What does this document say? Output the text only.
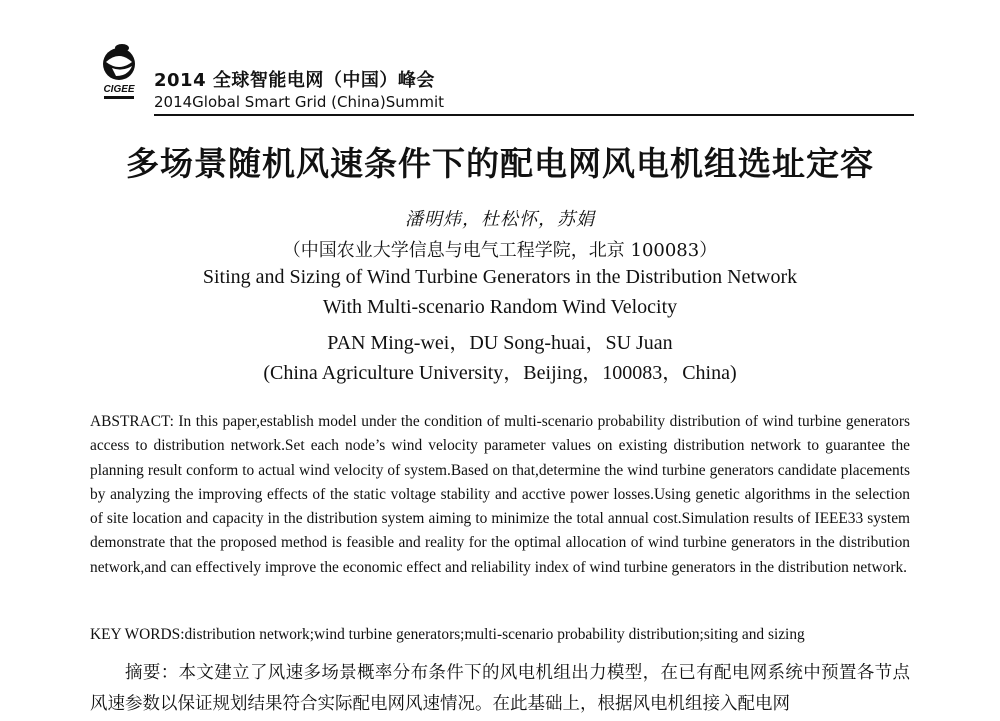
CIGEE 2014 全球智能电网（中国）峰会
2014Global Smart Grid (China)Summit
多场景随机风速条件下的配电网风电机组选址定容
潘明炜，杜松怀，苏娟
（中国农业大学信息与电气工程学院，北京 100083）
Siting and Sizing of Wind Turbine Generators in the Distribution Network
With Multi-scenario Random Wind Velocity
PAN Ming-wei，DU Song-huai，SU Juan
(China Agriculture University，Beijing，100083，China)
ABSTRACT: In this paper,establish model under the condition of multi-scenario probability distribution of wind turbine generators access to distribution network.Set each node’s wind velocity parameter values on existing distribution network to guarantee the planning result conform to actual wind velocity of system.Based on that,determine the wind turbine generators candidate placements by analyzing the improving effects of the static voltage stability and acctive power losses.Using genetic algorithms in the selection of site location and capacity in the distribution system aiming to minimize the total annual cost.Simulation results of IEEE33 system demonstrate that the proposed method is feasible and reality for the optimal allocation of wind turbine generators in the distribution network,and can effectively improve the economic effect and reliability index of wind turbine generators in the distribution network.
KEY WORDS:distribution network;wind turbine generators;multi-scenario probability distribution;siting and sizing
摘要：本文建立了风速多场景概率分布条件下的风电机组出力模型，在已有配电网系统中预置各节点风速参数以保证规划结果符合实际配电网风速情况。在此基础上，根据风电机组接入配电网
